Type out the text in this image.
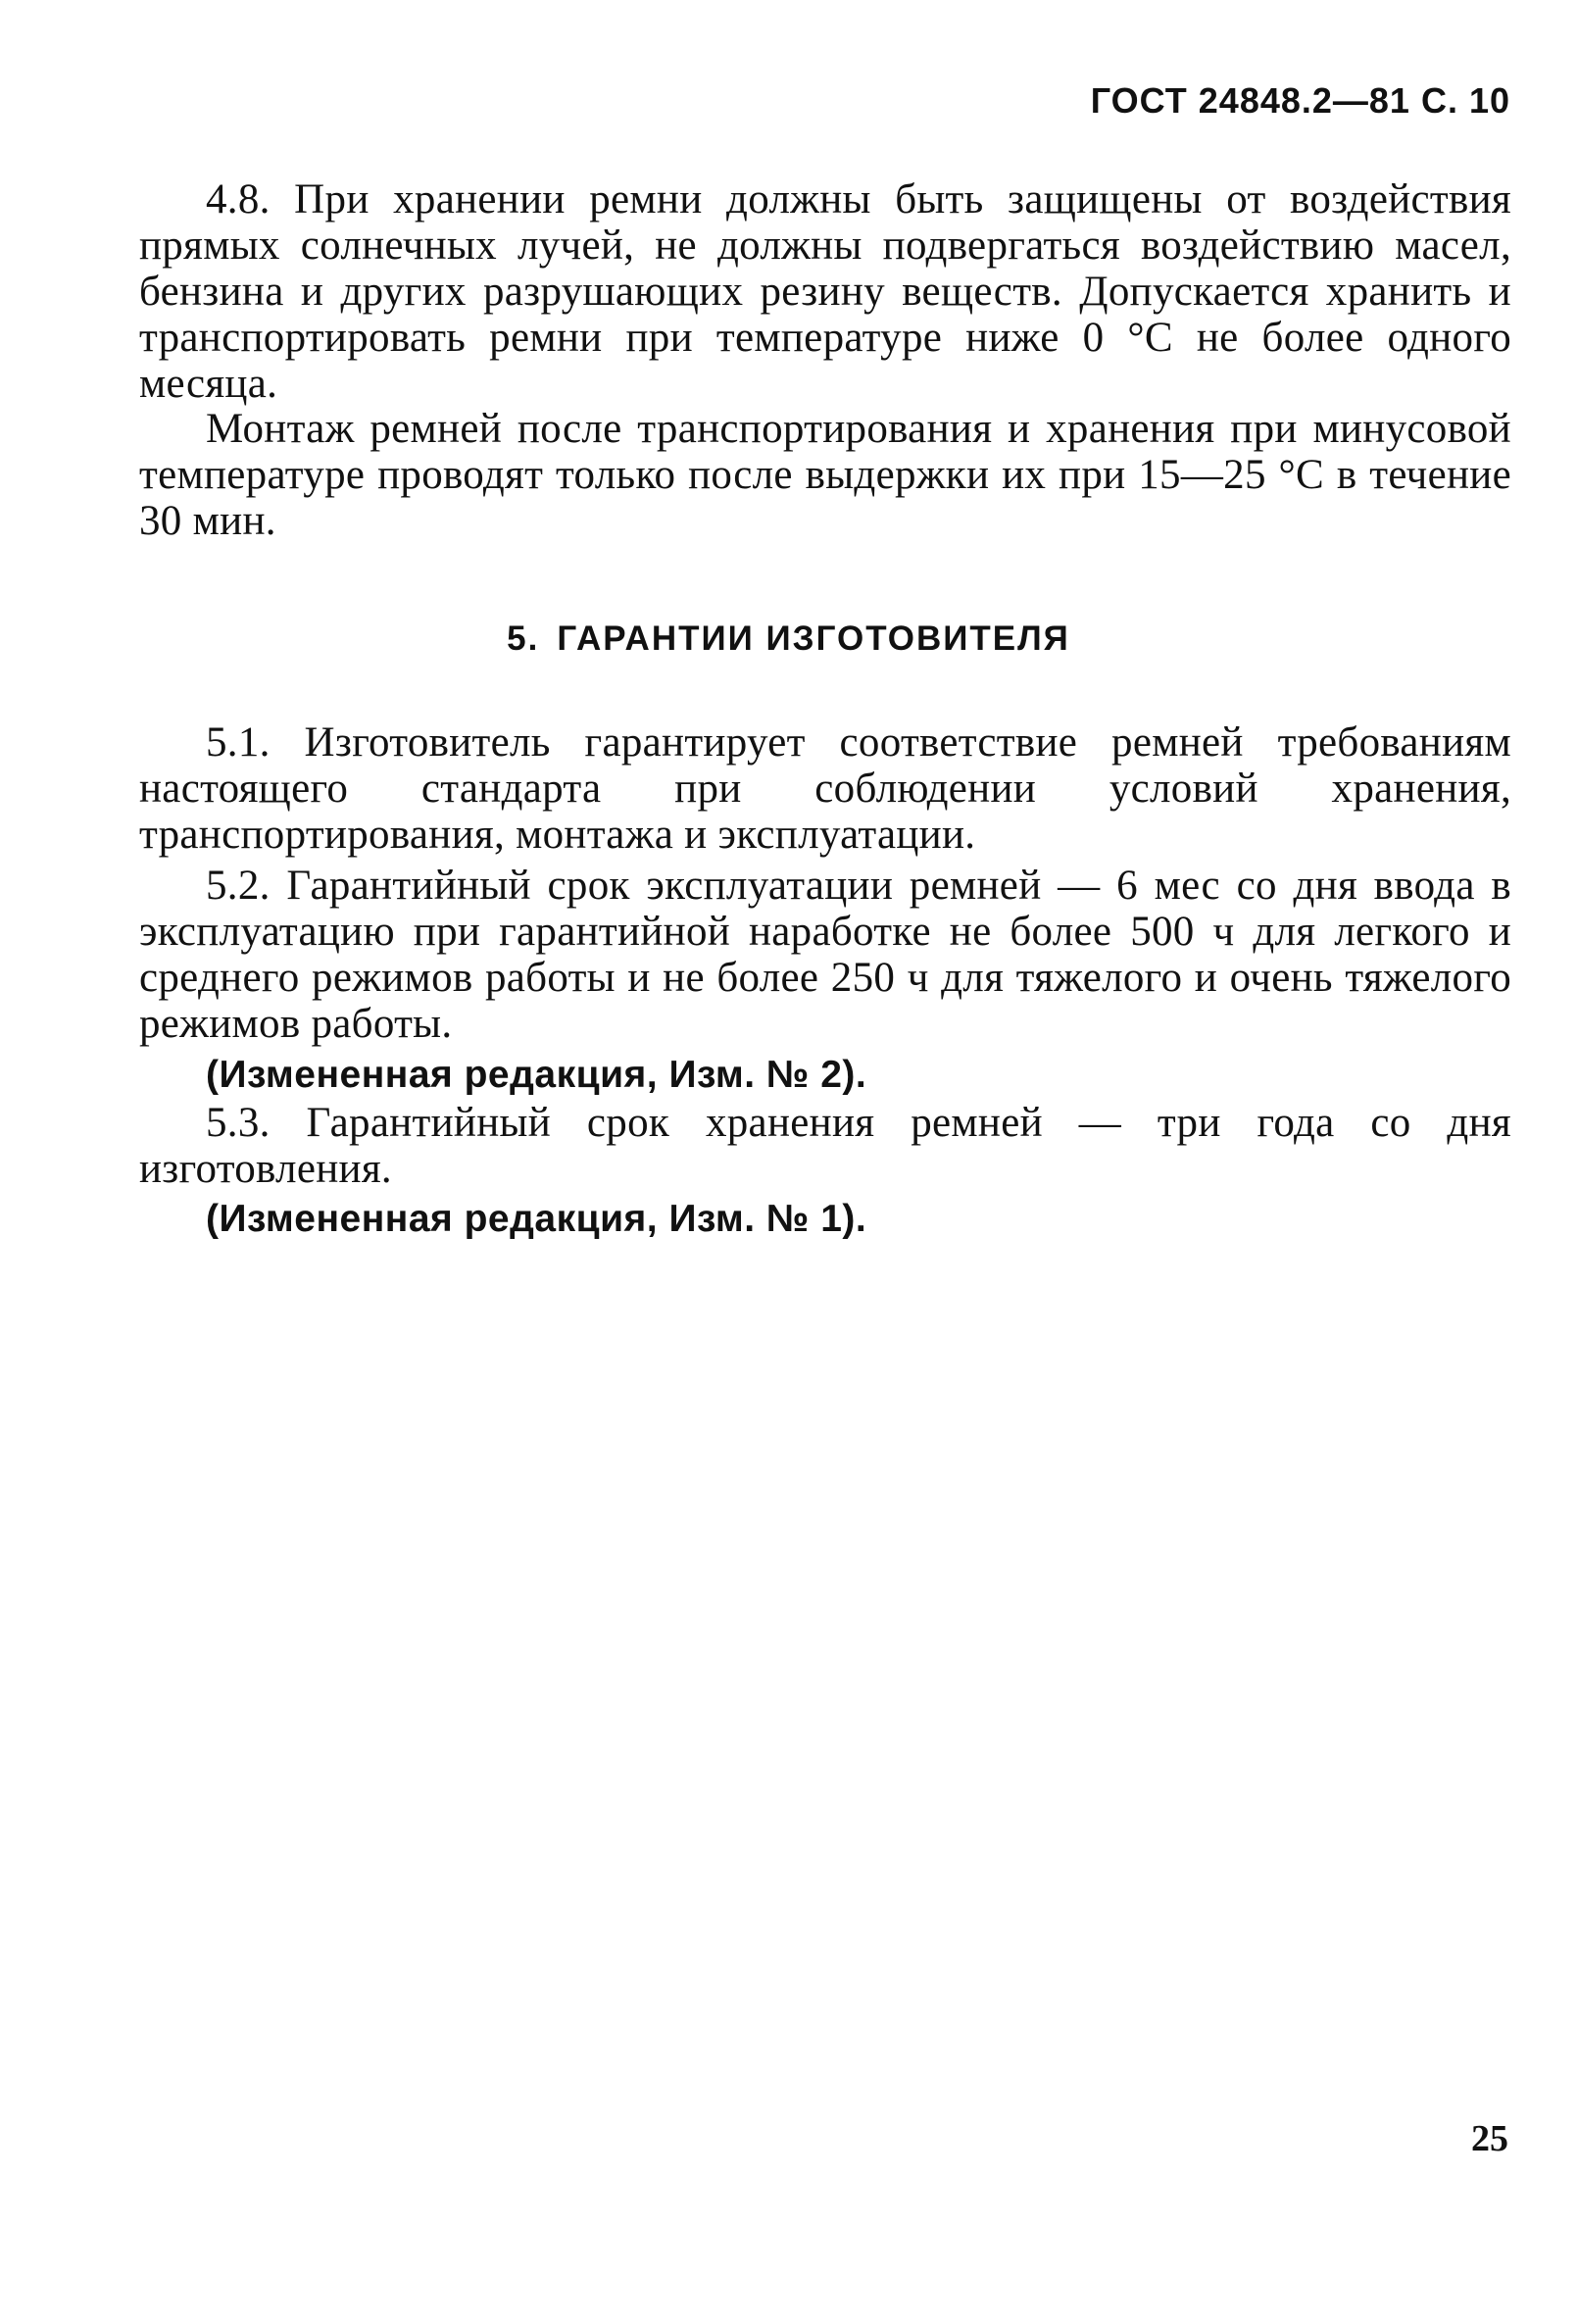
ГОСТ 24848.2—81 С. 10

4.8. При хранении ремни должны быть защищены от воздействия прямых солнечных лучей, не должны подвергаться воздействию масел, бензина и других разрушающих резину веществ. Допускается хранить и транспортировать ремни при температуре ниже 0 °С не более одного месяца.

Монтаж ремней после транспортирования и хранения при минусовой температуре проводят только после выдержки их при 15—25 °С в течение 30 мин.

5. ГАРАНТИИ ИЗГОТОВИТЕЛЯ

5.1. Изготовитель гарантирует соответствие ремней требованиям настоящего стандарта при соблюдении условий хранения, транспортирования, монтажа и эксплуатации.

5.2. Гарантийный срок эксплуатации ремней — 6 мес со дня ввода в эксплуатацию при гарантийной наработке не более 500 ч для легкого и среднего режимов работы и не более 250 ч для тяжелого и очень тяжелого режимов работы.

(Измененная редакция, Изм. № 2).

5.3. Гарантийный срок хранения ремней — три года со дня изготовления.

(Измененная редакция, Изм. № 1).
25
